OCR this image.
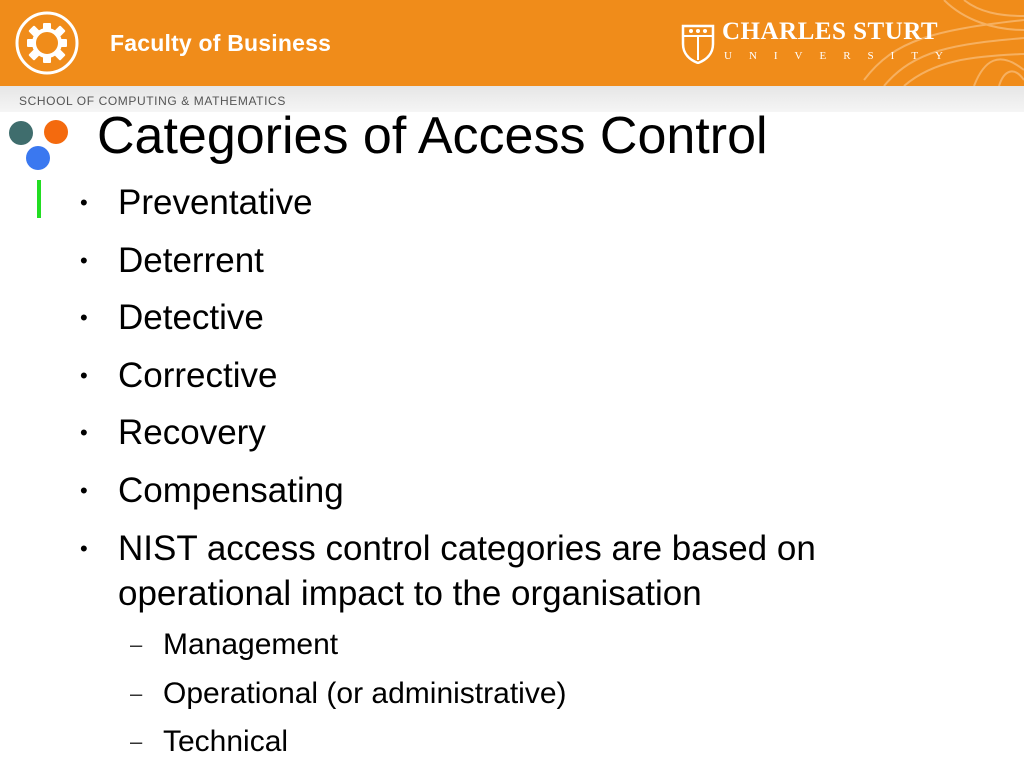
Faculty of Business	CHARLES STURT
UNIVERSITY
SCHOOL OF COMPUTING & MATHEMATICS
Categories of Access Control
• Preventative
• Deterrent
• Detective
• Corrective
• Recovery
• Compensating
• NIST access control categories are based on operational impact to the organisation
– Management
– Operational (or administrative)
– Technical
